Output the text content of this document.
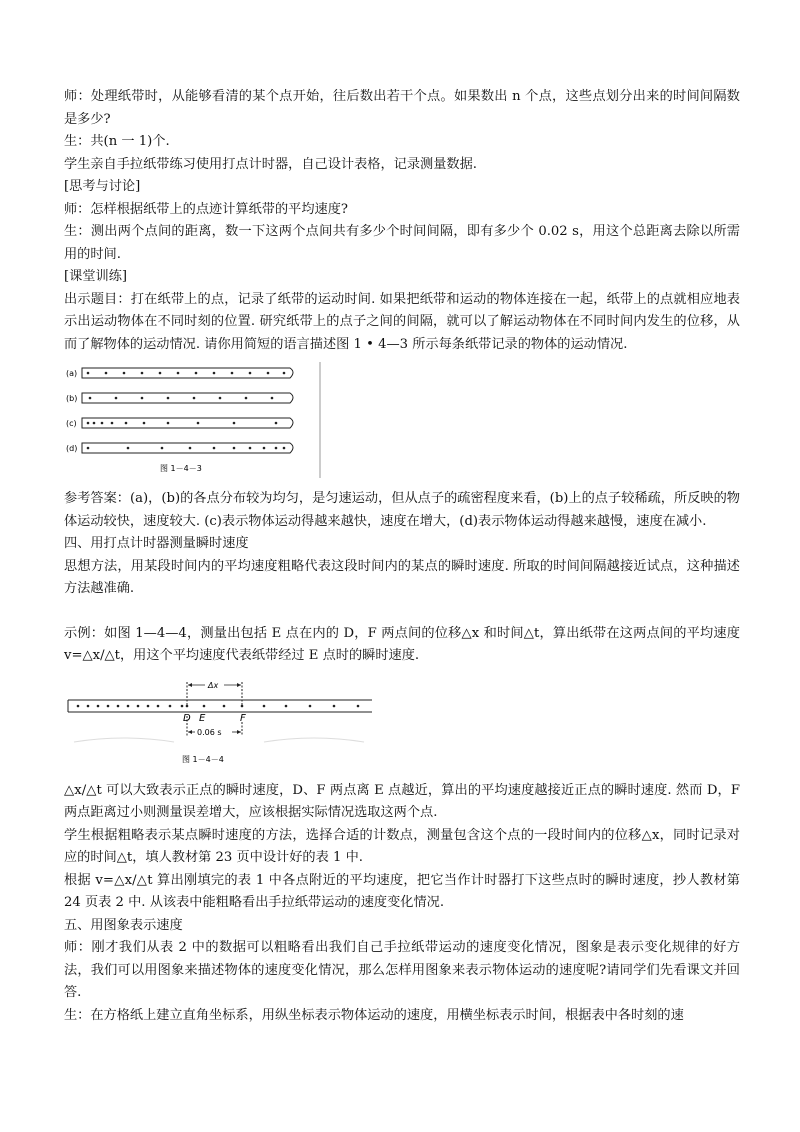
师：处理纸带时，从能够看清的某个点开始，往后数出若干个点。如果数出 n 个点，这些点划分出来的时间间隔数是多少?

生：共(n 一 1)个.

学生亲自手拉纸带练习使用打点计时器，自己设计表格，记录测量数据.

[思考与讨论]

师：怎样根据纸带上的点迹计算纸带的平均速度?

生：测出两个点间的距离，数一下这两个点间共有多少个时间间隔，即有多少个 0.02 s，用这个总距离去除以所需用的时间.

[课堂训练]

出示题目：打在纸带上的点，记录了纸带的运动时间. 如果把纸带和运动的物体连接在一起，纸带上的点就相应地表示出运动物体在不同时刻的位置. 研究纸带上的点子之间的间隔，就可以了解运动物体在不同时间内发生的位移，从而了解物体的运动情况. 请你用简短的语言描述图 1 • 4—3 所示每条纸带记录的物体的运动情况.

(a)
(b)
(c)
(d)
图 1－4－3

参考答案：(a)，(b)的各点分布较为均匀，是匀速运动，但从点子的疏密程度来看，(b)上的点子较稀疏，所反映的物体运动较快，速度较大. (c)表示物体运动得越来越快，速度在增大，(d)表示物体运动得越来越慢，速度在减小.

四、用打点计时器测量瞬时速度

思想方法，用某段时间内的平均速度粗略代表这段时间内的某点的瞬时速度. 所取的时间间隔越接近试点，这种描述方法越准确.

示例：如图 1—4—4，测量出包括 E 点在内的 D，F 两点间的位移△x 和时间△t，算出纸带在这两点间的平均速度 v=△x/△t，用这个平均速度代表纸带经过 E 点时的瞬时速度.

Δx
D E	F
0.06 s
图 1－4－4

△x/△t 可以大致表示正点的瞬时速度，D、F 两点离 E 点越近，算出的平均速度越接近正点的瞬时速度. 然而 D，F 两点距离过小则测量误差增大，应该根据实际情况选取这两个点.

学生根据粗略表示某点瞬时速度的方法，选择合适的计数点，测量包含这个点的一段时间内的位移△x，同时记录对应的时间△t，填人教材第 23 页中设计好的表 1 中.

根据 v=△x/△t 算出刚填完的表 1 中各点附近的平均速度，把它当作计时器打下这些点时的瞬时速度，抄人教材第 24 页表 2 中. 从该表中能粗略看出手拉纸带运动的速度变化情况.

五、用图象表示速度

师：刚才我们从表 2 中的数据可以粗略看出我们自己手拉纸带运动的速度变化情况，图象是表示变化规律的好方法，我们可以用图象来描述物体的速度变化情况，那么怎样用图象来表示物体运动的速度呢?请同学们先看课文并回答.

生：在方格纸上建立直角坐标系，用纵坐标表示物体运动的速度，用横坐标表示时间，根据表中各时刻的速
